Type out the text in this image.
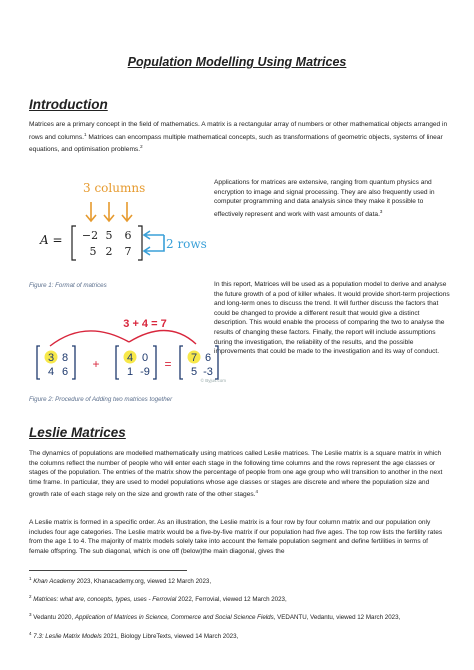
Population Modelling Using Matrices
Introduction
Matrices are a primary concept in the field of mathematics. A matrix is a rectangular array of numbers or other mathematical objects arranged in rows and columns.$^1$ Matrices can encompass multiple mathematical concepts, such as transformations of geometric objects, systems of linear equations, and optimisation problems.$^2$
3 columns
A = −2 5 6
5 2 7
2 rows
Applications for matrices are extensive, ranging from quantum physics and encryption to image and signal processing. They are also frequently used in computer programming and data analysis since they make it possible to effectively represent and work with vast amounts of data.$^3$
Figure 1: Format of matrices	In this report, Matrices will be used as a population model to derive and analyse the future growth of a pod of killer whales. It would provide short-term projections and long-term ones to discuss the trend. It will further discuss the factors that could be changed to provide a different result that would give a distinct description. This would enable the process of comparing the two to analyse the results of changing these factors. Finally, the report will include assumptions during the investigation, the reliability of the results, and the possible improvements that could be made to the investigation and its way of conduct.
3 + 4 = 7
3 8
4 6
4 0
1 -9
7 6
5 -3
+	=
© Byjus.com
Figure 2: Procedure of Adding two matrices together
Leslie Matrices
The dynamics of populations are modelled mathematically using matrices called Leslie matrices. The Leslie matrix is a square matrix in which the columns reflect the number of people who will enter each stage in the following time columns and the rows represent the age classes or stages of the population. The entries of the matrix show the percentage of people from one age group who will transition to another in the next time frame. In particular, they are used to model populations whose age classes or stages are discrete and where the population size and growth rate of each stage rely on the size and growth rate of the other stages.$^4$
A Leslie matrix is formed in a specific order. As an illustration, the Leslie matrix is a four row by four column matrix and our population only includes four age categories. The Leslie matrix would be a five-by-five matrix if our population had five ages. The top row lists the fertility rates from the age 1 to 4. The majority of matrix models solely take into account the female population segment and define fertilities in terms of female offspring. The sub diagonal, which is one off (below)the main diagonal, gives the
$^1$ Khan Academy 2023, Khanacademy.org, viewed 12 March 2023,
$^2$ Matrices: what are, concepts, types, uses - Ferrovial 2022, Ferrovial, viewed 12 March 2023,
$^3$ Vedantu 2020, Application of Matrices in Science, Commerce and Social Science Fields, VEDANTU, Vedantu, viewed 12 March 2023,
$^4$ 7.3: Leslie Matrix Models 2021, Biology LibreTexts, viewed 14 March 2023,
